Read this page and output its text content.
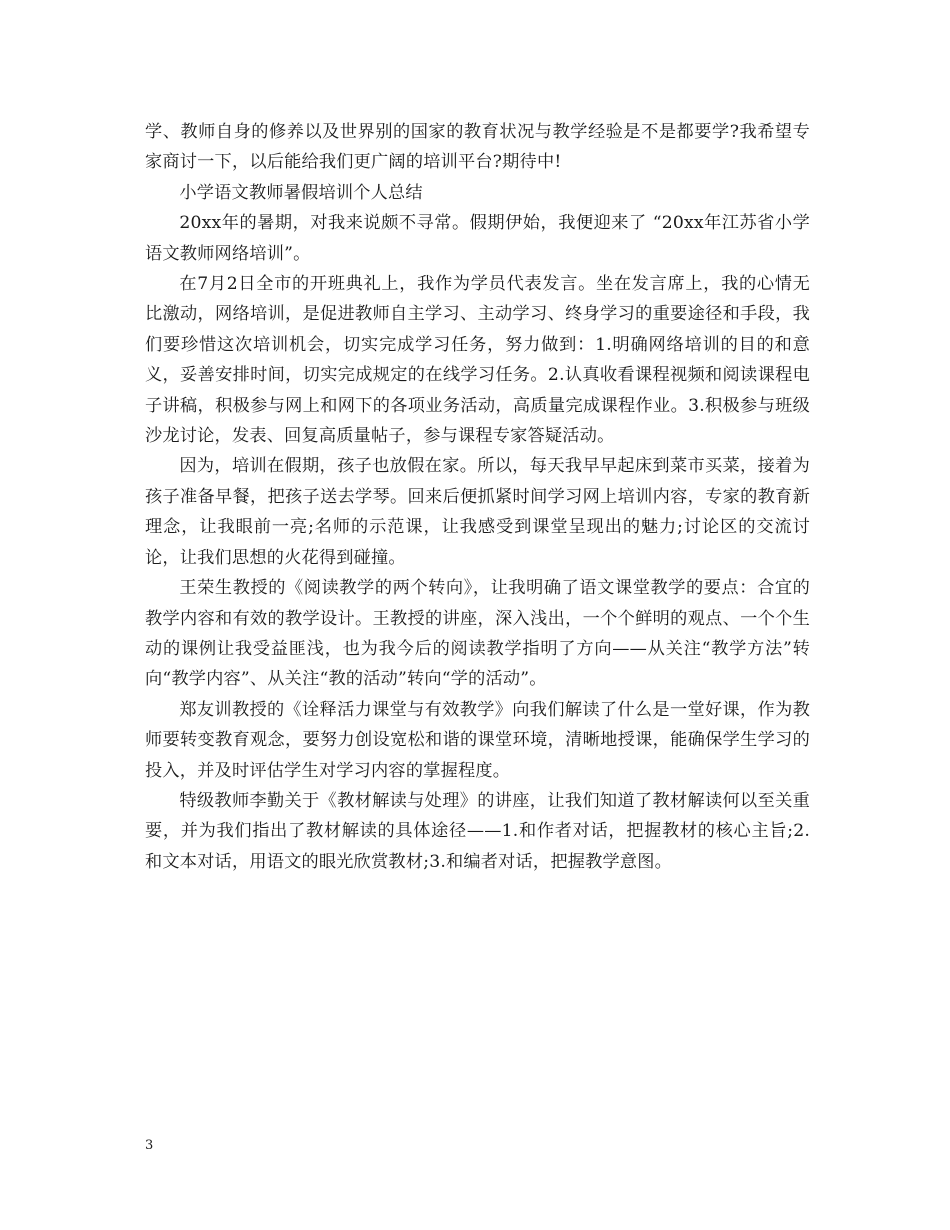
学、教师自身的修养以及世界别的国家的教育状况与教学经验是不是都要学?我希望专家商讨一下，以后能给我们更广阔的培训平台?期待中!

小学语文教师暑假培训个人总结

20xx年的暑期，对我来说颇不寻常。假期伊始，我便迎来了 “20xx年江苏省小学语文教师网络培训”。

在7月2日全市的开班典礼上，我作为学员代表发言。坐在发言席上，我的心情无比激动，网络培训，是促进教师自主学习、主动学习、终身学习的重要途径和手段，我们要珍惜这次培训机会，切实完成学习任务，努力做到：1.明确网络培训的目的和意义，妥善安排时间，切实完成规定的在线学习任务。2.认真收看课程视频和阅读课程电子讲稿，积极参与网上和网下的各项业务活动，高质量完成课程作业。3.积极参与班级沙龙讨论，发表、回复高质量帖子，参与课程专家答疑活动。

因为，培训在假期，孩子也放假在家。所以，每天我早早起床到菜市买菜，接着为孩子准备早餐，把孩子送去学琴。回来后便抓紧时间学习网上培训内容，专家的教育新理念，让我眼前一亮;名师的示范课，让我感受到课堂呈现出的魅力;讨论区的交流讨论，让我们思想的火花得到碰撞。

王荣生教授的《阅读教学的两个转向》，让我明确了语文课堂教学的要点：合宜的教学内容和有效的教学设计。王教授的讲座，深入浅出，一个个鲜明的观点、一个个生动的课例让我受益匪浅，也为我今后的阅读教学指明了方向——从关注“教学方法”转向“教学内容”、从关注“教的活动”转向“学的活动”。

郑友训教授的《诠释活力课堂与有效教学》向我们解读了什么是一堂好课，作为教师要转变教育观念，要努力创设宽松和谐的课堂环境，清晰地授课，能确保学生学习的投入，并及时评估学生对学习内容的掌握程度。

特级教师李勤关于《教材解读与处理》的讲座，让我们知道了教材解读何以至关重要，并为我们指出了教材解读的具体途径——1.和作者对话，把握教材的核心主旨;2.和文本对话，用语文的眼光欣赏教材;3.和编者对话，把握教学意图。

3
